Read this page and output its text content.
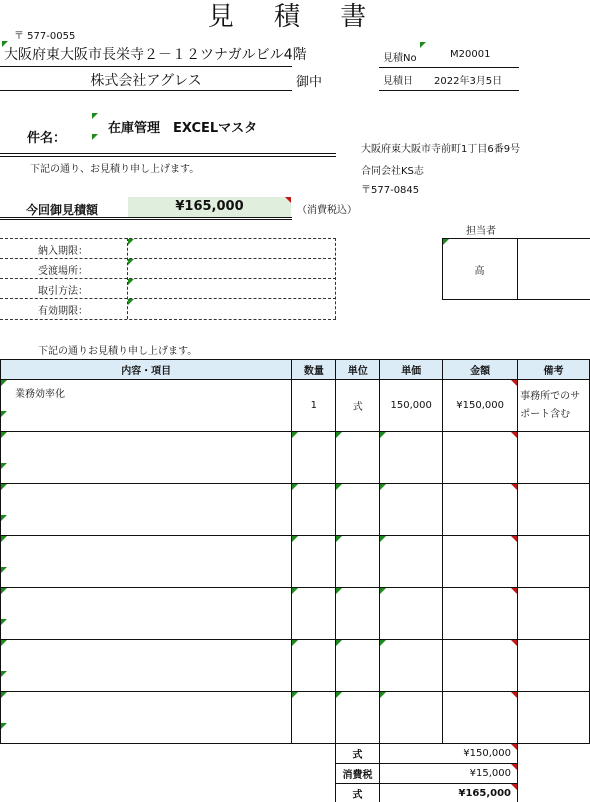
見 積 書
〒 577-0055
大阪府東大阪市長栄寺２－１２ツナガルビル4階
株式会社アグレス	御中
見積No	M20001
見積日 2022年3月5日
在庫管理　EXCELマスタ
件名：
下記の通り、お見積り申し上げます。
大阪府東大阪市寺前町1丁目6番9号
合同会社KS志
〒577-0845
今回御見積額	¥165,000	（消費税込）
担当者
高
納入期限：
受渡場所：
取引方法：
有効期限：
下記の通りお見積り申し上げます。
内容・項目	数量	単位	単価	金額	備考

業務効率化	1	式	150,000	¥150,000	事務所でのサポート含む

式	¥150,000
消費税	¥15,000
式	¥165,000
